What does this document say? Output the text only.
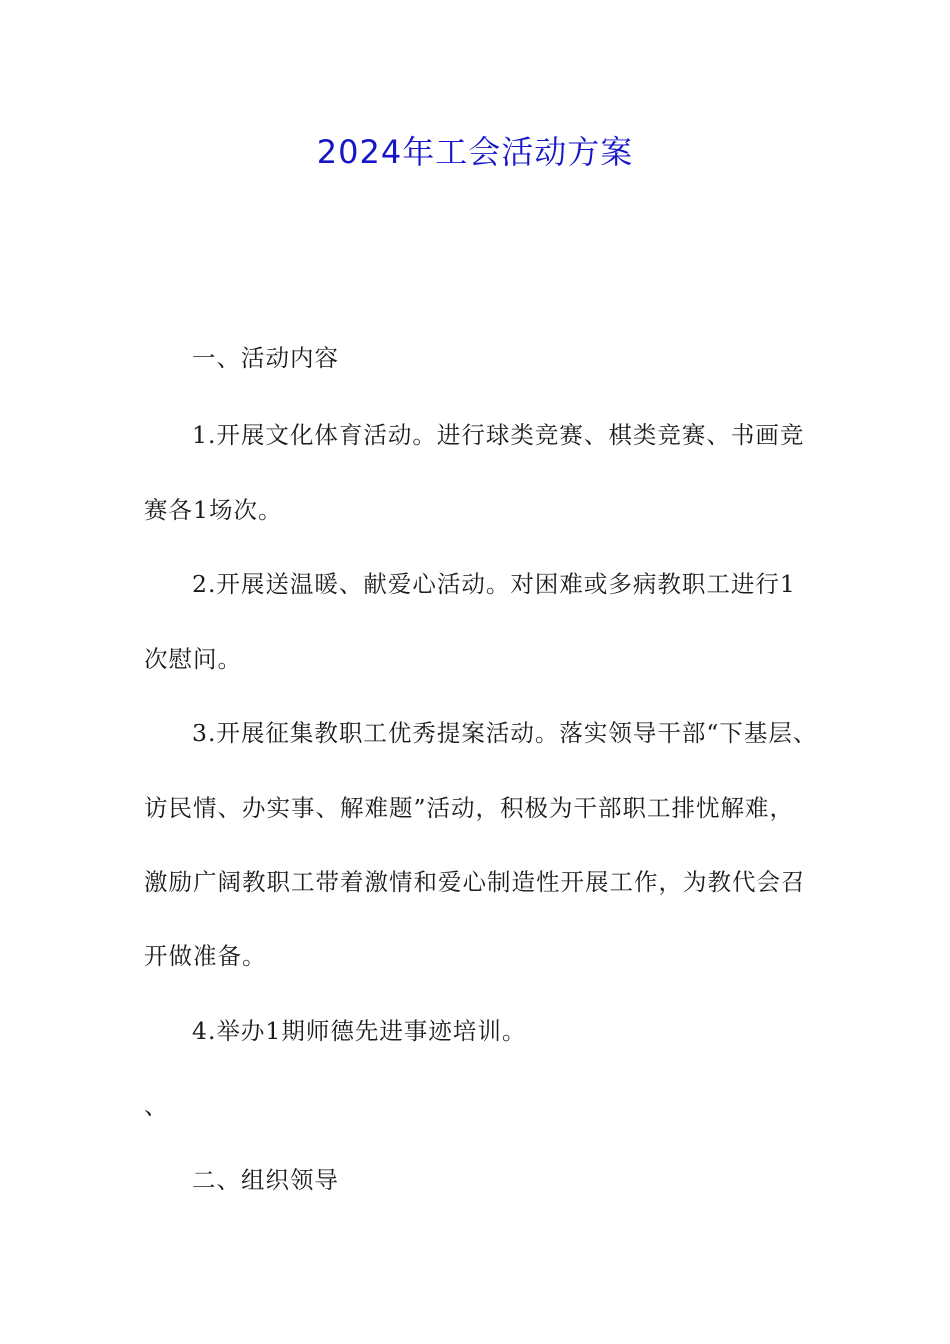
2024年工会活动方案
一、活动内容
1.开展文化体育活动。进行球类竞赛、棋类竞赛、书画竞
赛各1场次。
2.开展送温暖、献爱心活动。对困难或多病教职工进行1
次慰问。
3.开展征集教职工优秀提案活动。落实领导干部“下基层、
访民情、办实事、解难题”活动，积极为干部职工排忧解难，
激励广阔教职工带着激情和爱心制造性开展工作，为教代会召
开做准备。
4.举办1期师德先进事迹培训。
、
二、组织领导
